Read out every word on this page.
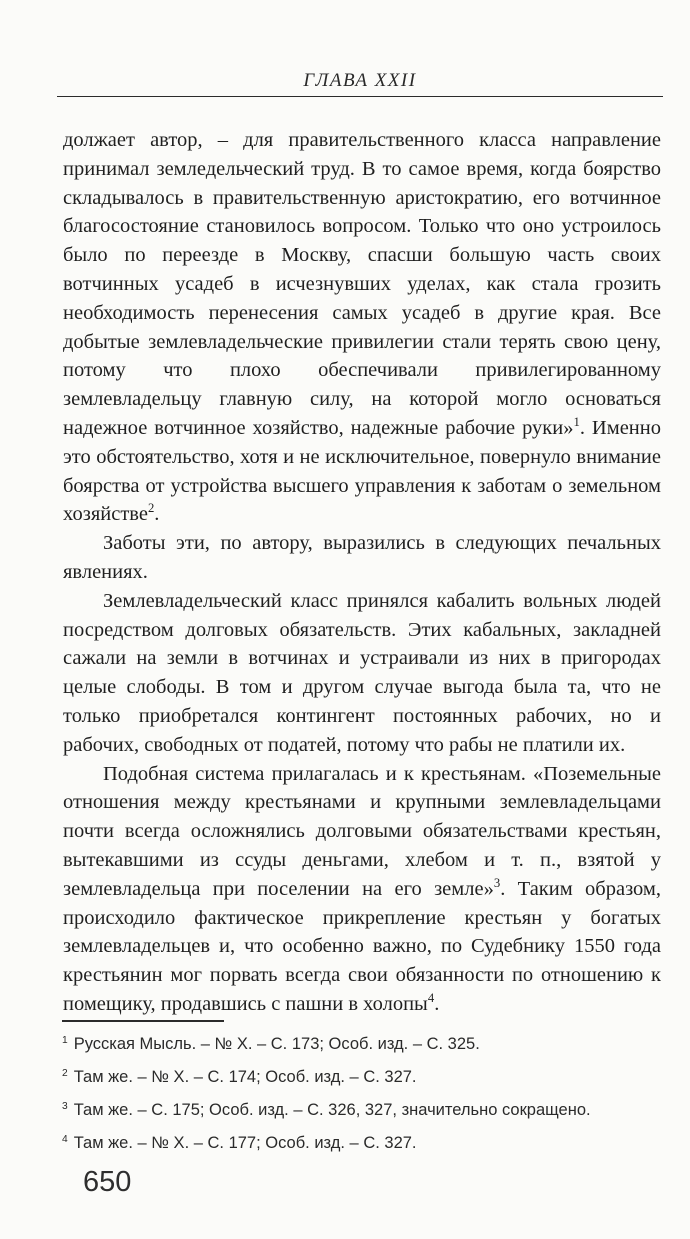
ГЛАВА XXII

должает автор, – для правительственного класса направление принимал земледельческий труд. В то самое время, когда боярство складывалось в правительственную аристократию, его вотчинное благосостояние становилось вопросом. Только что оно устроилось было по переезде в Москву, спасши большую часть своих вотчинных усадеб в исчезнувших уделах, как стала грозить необходимость перенесения самых усадеб в другие края. Все добытые землевладельческие привилегии стали терять свою цену, потому что плохо обеспечивали привилегированному землевладельцу главную силу, на которой могло основаться надежное вотчинное хозяйство, надежные рабочие руки»$^1$. Именно это обстоятельство, хотя и не исключительное, повернуло внимание боярства от устройства высшего управления к заботам о земельном хозяйстве$^2$.

Заботы эти, по автору, выразились в следующих печальных явлениях.

Землевладельческий класс принялся кабалить вольных людей посредством долговых обязательств. Этих кабальных, закладней сажали на земли в вотчинах и устраивали из них в пригородах целые слободы. В том и другом случае выгода была та, что не только приобретался контингент постоянных рабочих, но и рабочих, свободных от податей, потому что рабы не платили их.

Подобная система прилагалась и к крестьянам. «Поземельные отношения между крестьянами и крупными землевладельцами почти всегда осложнялись долговыми обязательствами крестьян, вытекавшими из ссуды деньгами, хлебом и т. п., взятой у землевладельца при поселении на его земле»$^3$. Таким образом, происходило фактическое прикрепление крестьян у богатых землевладельцев и, что особенно важно, по Судебнику 1550 года крестьянин мог порвать всегда свои обязанности по отношению к помещику, продавшись с пашни в холопы$^4$.

$^1$ Русская Мысль. – № X. – С. 173; Особ. изд. – С. 325.
$^2$ Там же. – № X. – С. 174; Особ. изд. – С. 327.
$^3$ Там же. – С. 175; Особ. изд. – С. 326, 327, значительно сокращено.
$^4$ Там же. – № X. – С. 177; Особ. изд. – С. 327.
650
